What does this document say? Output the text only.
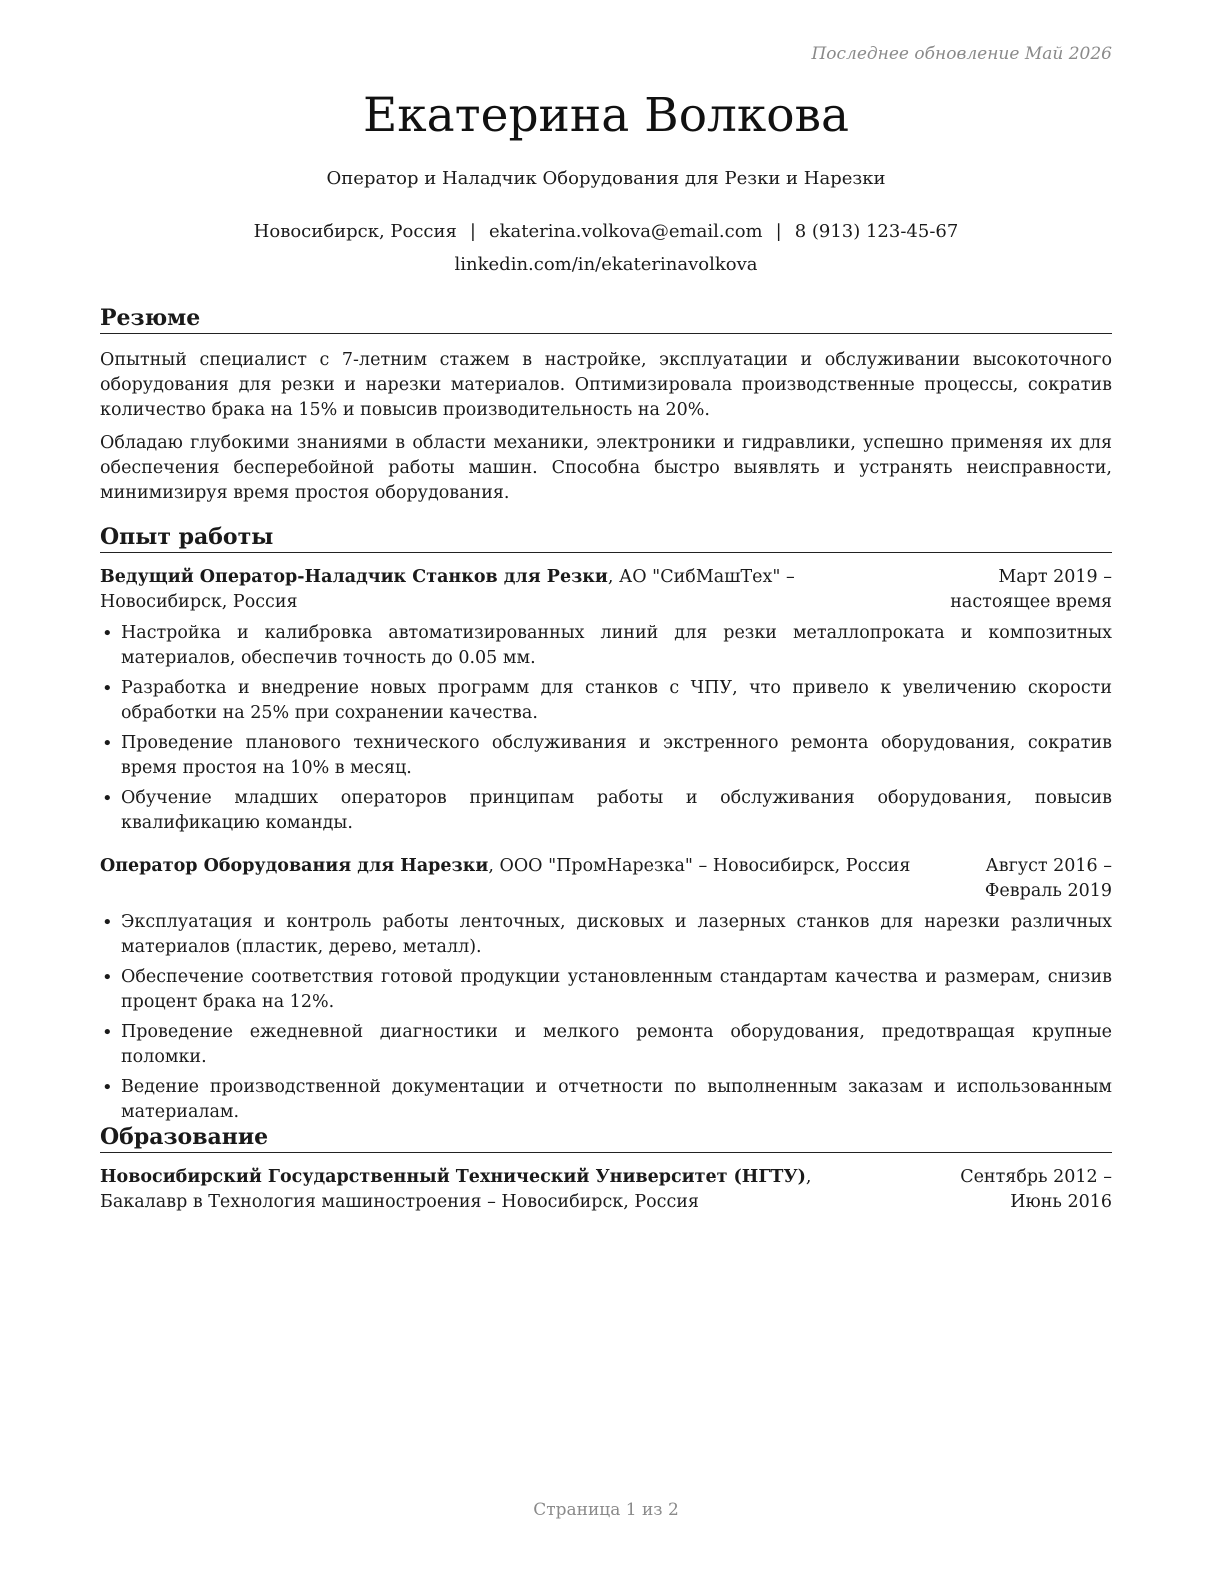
Последнее обновление Май 2026
Екатерина Волкова
Оператор и Наладчик Оборудования для Резки и Нарезки
Новосибирск, Россия | ekaterina.volkova@email.com | 8 (913) 123-45-67
linkedin.com/in/ekaterinavolkova
Резюме

Опытный специалист с 7-летним стажем в настройке, эксплуатации и обслуживании высокоточного оборудования для резки и нарезки материалов. Оптимизировала производственные процессы, сократив количество брака на 15% и повысив производительность на 20%.

Обладаю глубокими знаниями в области механики, электроники и гидравлики, успешно применяя их для обеспечения бесперебойной работы машин. Способна быстро выявлять и устранять неисправности, минимизируя время простоя оборудования.

Опыт работы
Ведущий Оператор-Наладчик Станков для Резки, АО "СибМашТех" – Новосибирск, Россия
Март 2019 – настоящее время
• Настройка и калибровка автоматизированных линий для резки металлопроката и композитных материалов, обеспечив точность до 0.05 мм.
• Разработка и внедрение новых программ для станков с ЧПУ, что привело к увеличению скорости обработки на 25% при сохранении качества.
• Проведение планового технического обслуживания и экстренного ремонта оборудования, сократив время простоя на 10% в месяц.
• Обучение младших операторов принципам работы и обслуживания оборудования, повысив квалификацию команды.
Оператор Оборудования для Нарезки, ООО "ПромНарезка" – Новосибирск, Россия	Август 2016 – Февраль 2019
• Эксплуатация и контроль работы ленточных, дисковых и лазерных станков для нарезки различных материалов (пластик, дерево, металл).
• Обеспечение соответствия готовой продукции установленным стандартам качества и размерам, снизив процент брака на 12%.
• Проведение ежедневной диагностики и мелкого ремонта оборудования, предотвращая крупные поломки.
• Ведение производственной документации и отчетности по выполненным заказам и использованным материалам.
Образование
Новосибирский Государственный Технический Университет (НГТУ), Бакалавр в Технология машиностроения – Новосибирск, Россия
Сентябрь 2012 – Июнь 2016
Страница 1 из 2
